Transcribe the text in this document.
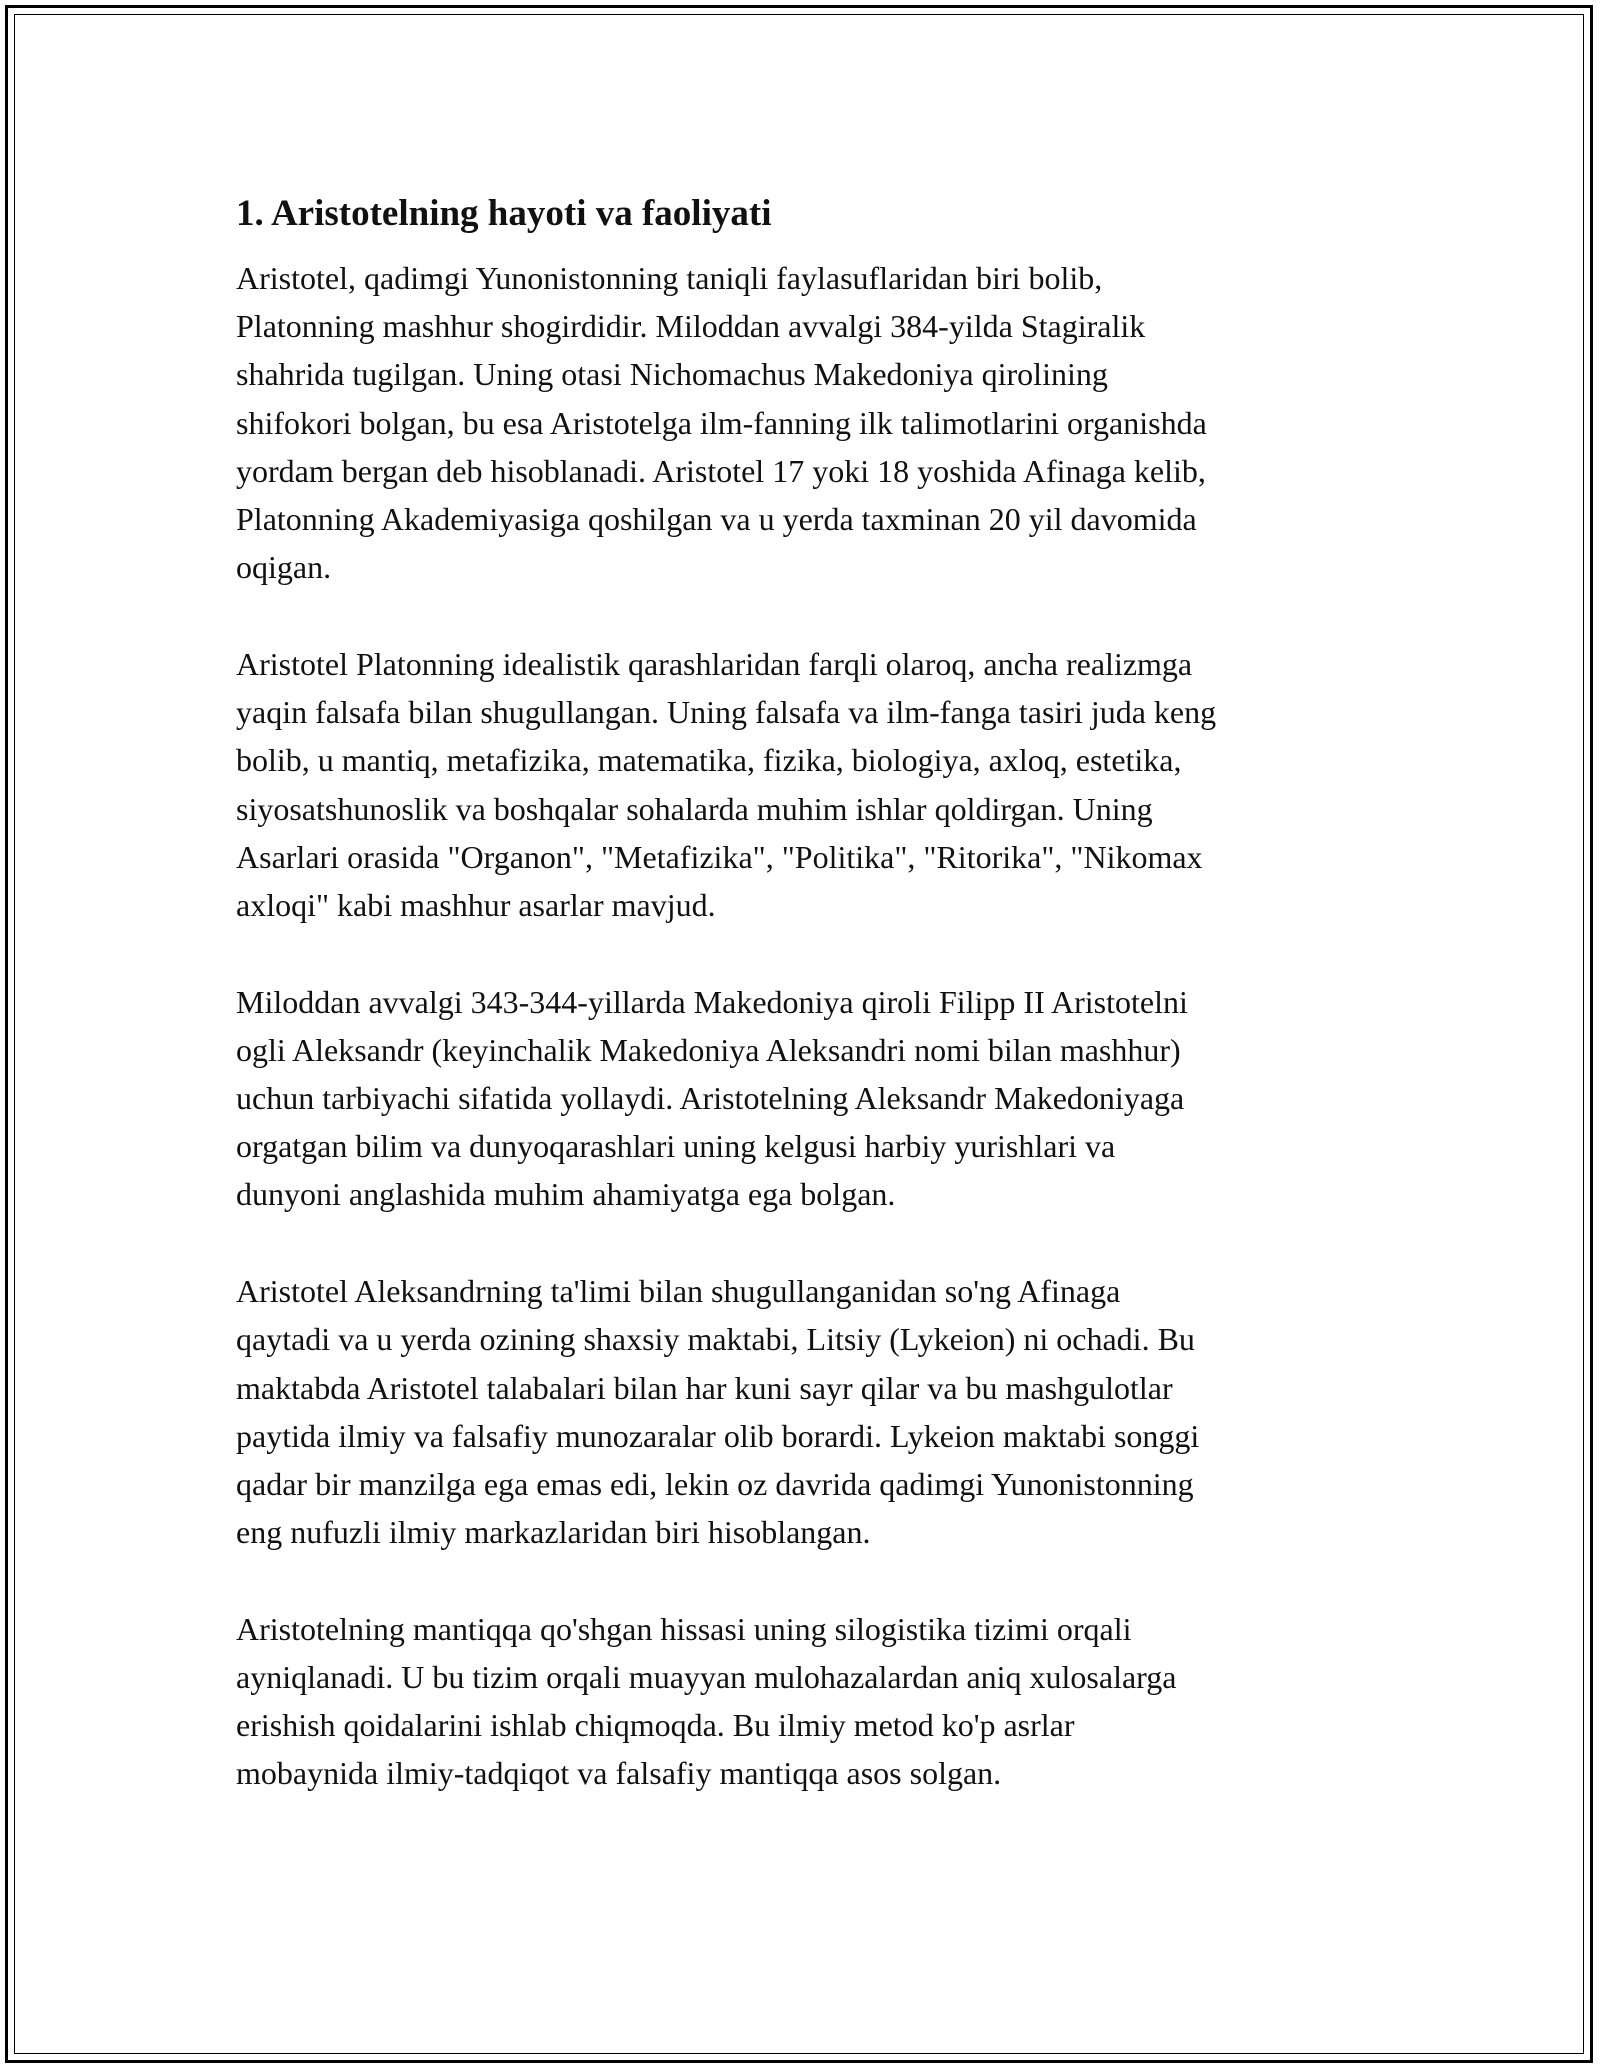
1. Aristotelning hayoti va faoliyati
Aristotel, qadimgi Yunonistonning taniqli faylasuflaridan biri bolib,
Platonning mashhur shogirdidir. Miloddan avvalgi 384-yilda Stagiralik
shahrida tugilgan. Uning otasi Nichomachus Makedoniya qirolining
shifokori bolgan, bu esa Aristotelga ilm-fanning ilk talimotlarini organishda
yordam bergan deb hisoblanadi. Aristotel 17 yoki 18 yoshida Afinaga kelib,
Platonning Akademiyasiga qoshilgan va u yerda taxminan 20 yil davomida
oqigan.
Aristotel Platonning idealistik qarashlaridan farqli olaroq, ancha realizmga
yaqin falsafa bilan shugullangan. Uning falsafa va ilm-fanga tasiri juda keng
bolib, u mantiq, metafizika, matematika, fizika, biologiya, axloq, estetika,
siyosatshunoslik va boshqalar sohalarda muhim ishlar qoldirgan. Uning
Asarlari orasida "Organon", "Metafizika", "Politika", "Ritorika", "Nikomax
axloqi" kabi mashhur asarlar mavjud.
Miloddan avvalgi 343-344-yillarda Makedoniya qiroli Filipp II Aristotelni
ogli Aleksandr (keyinchalik Makedoniya Aleksandri nomi bilan mashhur)
uchun tarbiyachi sifatida yollaydi. Aristotelning Aleksandr Makedoniyaga
orgatgan bilim va dunyoqarashlari uning kelgusi harbiy yurishlari va
dunyoni anglashida muhim ahamiyatga ega bolgan.
Aristotel Aleksandrning ta'limi bilan shugullanganidan so'ng Afinaga
qaytadi va u yerda ozining shaxsiy maktabi, Litsiy (Lykeion) ni ochadi. Bu
maktabda Aristotel talabalari bilan har kuni sayr qilar va bu mashgulotlar
paytida ilmiy va falsafiy munozaralar olib borardi. Lykeion maktabi songgi
qadar bir manzilga ega emas edi, lekin oz davrida qadimgi Yunonistonning
eng nufuzli ilmiy markazlaridan biri hisoblangan.
Aristotelning mantiqqa qo'shgan hissasi uning silogistika tizimi orqali
ayniqlanadi. U bu tizim orqali muayyan mulohazalardan aniq xulosalarga
erishish qoidalarini ishlab chiqmoqda. Bu ilmiy metod ko'p asrlar
mobaynida ilmiy-tadqiqot va falsafiy mantiqqa asos solgan.
